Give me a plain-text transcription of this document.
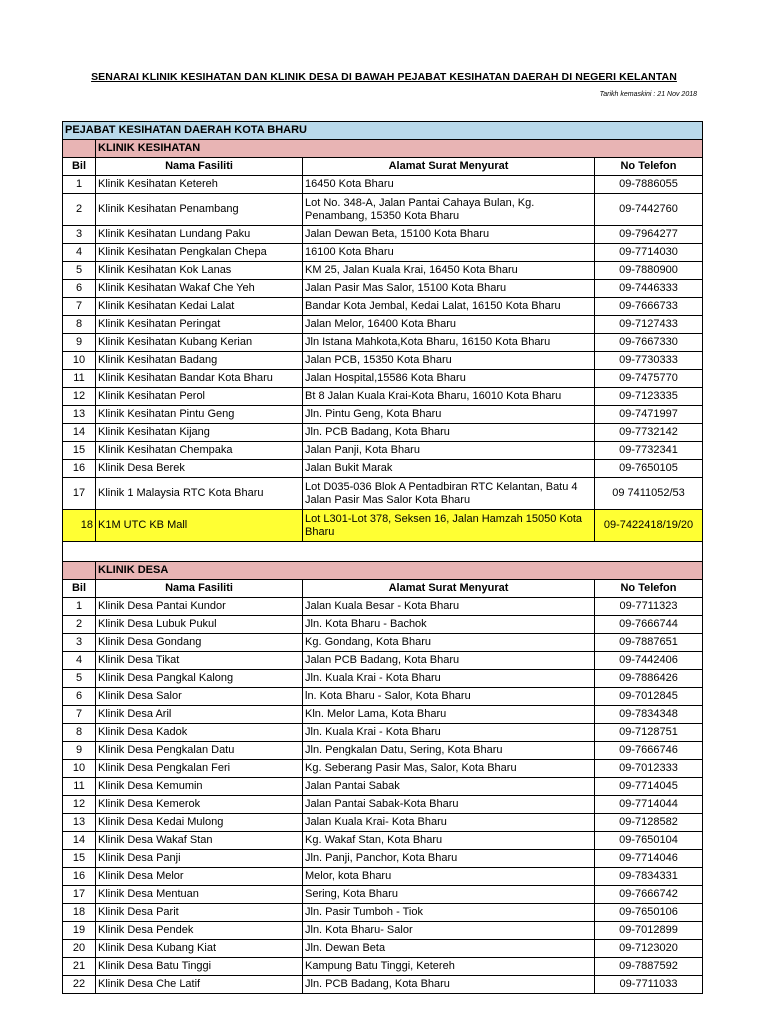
SENARAI KLINIK KESIHATAN DAN KLINIK DESA DI BAWAH PEJABAT KESIHATAN DAERAH DI NEGERI KELANTAN
Tarikh kemaskini : 21 Nov 2018
PEJABAT KESIHATAN DAERAH KOTA BHARU			
	KLINIK KESIHATAN		
Bil	Nama Fasiliti	Alamat Surat Menyurat	No Telefon
1	Klinik Kesihatan Ketereh	16450 Kota Bharu	09-7886055
2	Klinik Kesihatan Penambang	Lot No. 348-A, Jalan Pantai Cahaya Bulan, Kg. Penambang, 15350 Kota Bharu	09-7442760
3	Klinik Kesihatan Lundang Paku	Jalan Dewan Beta, 15100 Kota Bharu	09-7964277
4	Klinik Kesihatan Pengkalan Chepa	16100 Kota Bharu	09-7714030
5	Klinik Kesihatan Kok Lanas	KM 25, Jalan Kuala Krai, 16450 Kota Bharu	09-7880900
6	Klinik Kesihatan Wakaf Che Yeh	Jalan Pasir Mas Salor, 15100 Kota Bharu	09-7446333
7	Klinik Kesihatan Kedai Lalat	Bandar Kota Jembal, Kedai Lalat, 16150 Kota Bharu	09-7666733
8	Klinik Kesihatan Peringat	Jalan Melor, 16400 Kota Bharu	09-7127433
9	Klinik Kesihatan Kubang Kerian	Jln Istana Mahkota,Kota Bharu, 16150 Kota Bharu	09-7667330
10	Klinik Kesihatan Badang	Jalan PCB, 15350 Kota Bharu	09-7730333
11	Klinik Kesihatan Bandar Kota Bharu	Jalan Hospital,15586 Kota Bharu	09-7475770
12	Klinik Kesihatan Perol	Bt 8 Jalan Kuala Krai-Kota Bharu, 16010 Kota Bharu	09-7123335
13	Klinik Kesihatan Pintu Geng	Jln. Pintu Geng, Kota Bharu	09-7471997
14	Klinik Kesihatan Kijang	Jln. PCB Badang, Kota Bharu	09-7732142
15	Klinik Kesihatan Chempaka	Jalan Panji, Kota Bharu	09-7732341
16	Klinik Desa Berek	Jalan Bukit Marak	09-7650105
17	Klinik 1 Malaysia RTC Kota Bharu	Lot D035-036 Blok A Pentadbiran RTC Kelantan, Batu 4 Jalan Pasir Mas Salor Kota Bharu	09 7411052/53
18	K1M UTC KB Mall	Lot L301-Lot 378, Seksen 16, Jalan Hamzah 15050 Kota Bharu	09-7422418/19/20

	KLINIK DESA		
Bil	Nama Fasiliti	Alamat Surat Menyurat	No Telefon
1	Klinik Desa Pantai Kundor	Jalan Kuala Besar - Kota Bharu	09-7711323
2	Klinik Desa Lubuk Pukul	Jln. Kota Bharu - Bachok	09-7666744
3	Klinik Desa Gondang	Kg. Gondang, Kota Bharu	09-7887651
4	Klinik Desa Tikat	Jalan PCB Badang, Kota Bharu	09-7442406
5	Klinik Desa Pangkal Kalong	Jln. Kuala Krai - Kota Bharu	09-7886426
6	Klinik Desa Salor	ln. Kota Bharu - Salor, Kota Bharu	09-7012845
7	Klinik Desa Aril	Kln. Melor Lama, Kota Bharu	09-7834348
8	Klinik Desa Kadok	Jln. Kuala Krai - Kota Bharu	09-7128751
9	Klinik Desa Pengkalan Datu	Jln. Pengkalan Datu, Sering, Kota Bharu	09-7666746
10	Klinik Desa Pengkalan Feri	Kg. Seberang Pasir Mas, Salor, Kota Bharu	09-7012333
11	Klinik Desa Kemumin	Jalan Pantai Sabak	09-7714045
12	Klinik Desa Kemerok	Jalan Pantai Sabak-Kota Bharu	09-7714044
13	Klinik Desa Kedai Mulong	Jalan Kuala Krai- Kota Bharu	09-7128582
14	Klinik Desa Wakaf Stan	Kg. Wakaf Stan, Kota Bharu	09-7650104
15	Klinik Desa Panji	Jln. Panji, Panchor, Kota Bharu	09-7714046
16	Klinik Desa Melor	Melor, kota Bharu	09-7834331
17	Klinik Desa Mentuan	Sering, Kota Bharu	09-7666742
18	Klinik Desa Parit	Jln. Pasir Tumboh - Tiok	09-7650106
19	Klinik Desa Pendek	Jln. Kota Bharu- Salor	09-7012899
20	Klinik Desa Kubang Kiat	Jln. Dewan Beta	09-7123020
21	Klinik Desa Batu Tinggi	Kampung Batu Tinggi, Ketereh	09-7887592
22	Klinik Desa Che Latif	Jln. PCB Badang, Kota Bharu	09-7711033
